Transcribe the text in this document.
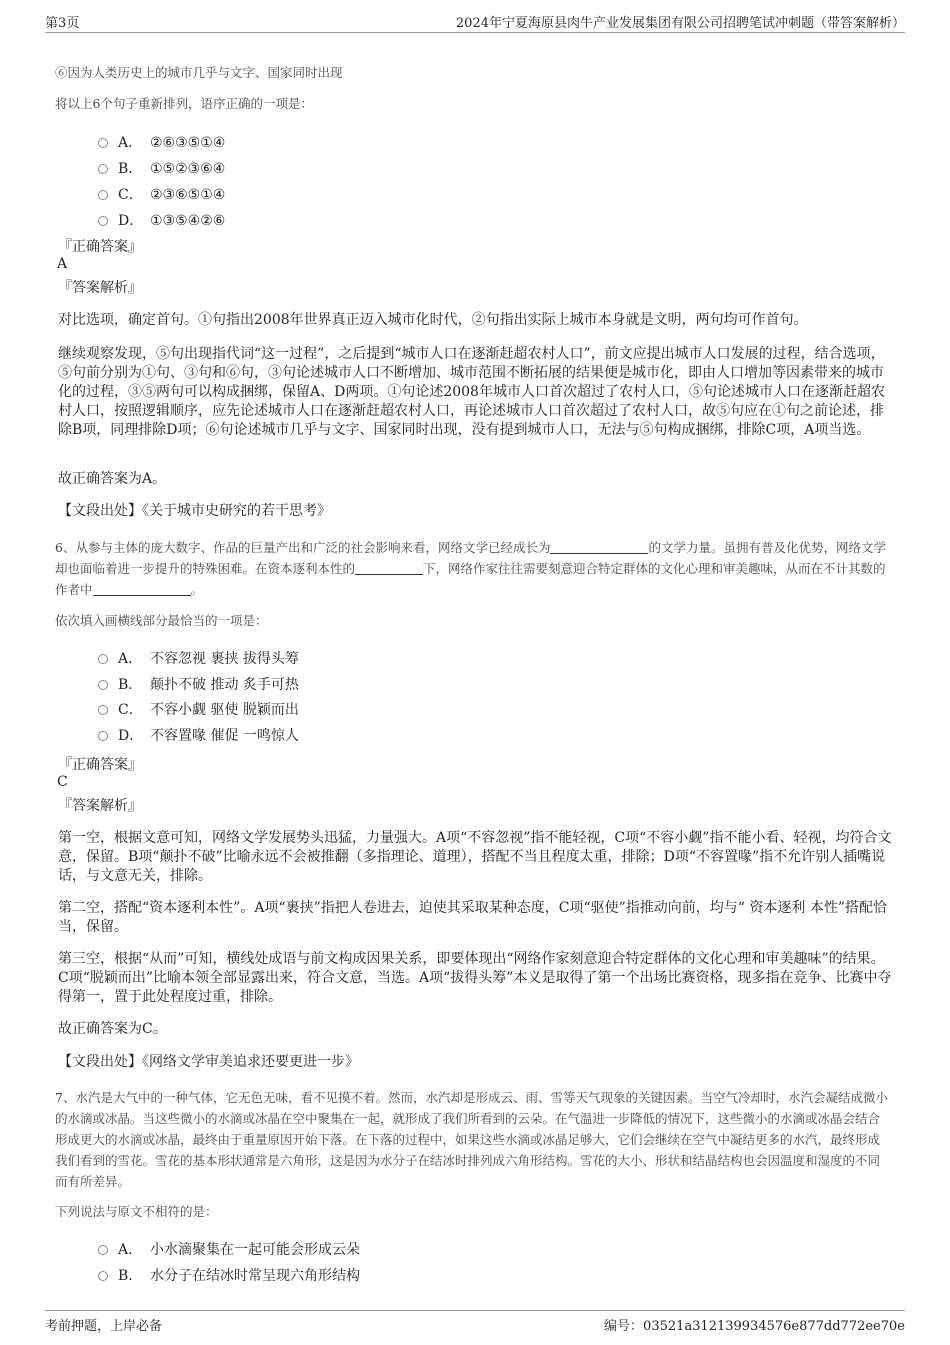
第3页	2024年宁夏海原县肉牛产业发展集团有限公司招聘笔试冲刺题（带答案解析）
⑥因为人类历史上的城市几乎与文字、国家同时出现
将以上6个句子重新排列，语序正确的一项是：
A． ②⑥③⑤①④
B． ①⑤②③⑥④
C． ②③⑥⑤①④
D． ①③⑤④②⑥
『正确答案』
A
『答案解析』
对比选项，确定首句。①句指出2008年世界真正迈入城市化时代，②句指出实际上城市本身就是文明，两句均可作首句。
继续观察发现，⑤句出现指代词“这一过程”，之后提到“城市人口在逐渐赶超农村人口”，前文应提出城市人口发展的过程，结合选项，⑤句前分别为①句、③句和⑥句，③句论述城市人口不断增加、城市范围不断拓展的结果便是城市化，即由人口增加等因素带来的城市化的过程，③⑤两句可以构成捆绑，保留A、D两项。①句论述2008年城市人口首次超过了农村人口，⑤句论述城市人口在逐渐赶超农村人口，按照逻辑顺序，应先论述城市人口在逐渐赶超农村人口，再论述城市人口首次超过了农村人口，故⑤句应在①句之前论述，排除B项，同理排除D项；⑥句论述城市几乎与文字、国家同时出现，没有提到城市人口，无法与⑤句构成捆绑，排除C项，A项当选。
故正确答案为A。
【文段出处】《关于城市史研究的若干思考》
6、从参与主体的庞大数字、作品的巨量产出和广泛的社会影响来看，网络文学已经成长为	的文学力量。虽拥有普及化优势，网络文学却也面临着进一步提升的特殊困难。在资本逐利本性的	下，网络作家往往需要刻意迎合特定群体的文化心理和审美趣味，从而在不计其数的作者中	。
依次填入画横线部分最恰当的一项是：
A． 不容忽视 裹挟 拔得头筹
B． 颠扑不破 推动 炙手可热
C． 不容小觑 驱使 脱颖而出
D． 不容置喙 催促 一鸣惊人
『正确答案』
C
『答案解析』
第一空，根据文意可知，网络文学发展势头迅猛，力量强大。A项“不容忽视”指不能轻视，C项“不容小觑”指不能小看、轻视，均符合文意，保留。B项“颠扑不破”比喻永远不会被推翻（多指理论、道理），搭配不当且程度太重，排除；D项“不容置喙”指不允许别人插嘴说话，与文意无关，排除。
第二空，搭配“资本逐利本性”。A项“裹挟”指把人卷进去，迫使其采取某种态度，C项“驱使”指推动向前，均与“ 资本逐利 本性”搭配恰当，保留。
第三空，根据“从而”可知，横线处成语与前文构成因果关系，即要体现出“网络作家刻意迎合特定群体的文化心理和审美趣味”的结果。C项“脱颖而出”比喻本领全部显露出来，符合文意，当选。A项“拔得头筹”本义是取得了第一个出场比赛资格，现多指在竞争、比赛中夺得第一，置于此处程度过重，排除。
故正确答案为C。
【文段出处】《网络文学审美追求还要更进一步》
7、水汽是大气中的一种气体，它无色无味，看不见摸不着。然而，水汽却是形成云、雨、雪等天气现象的关键因素。当空气冷却时，水汽会凝结成微小的水滴或冰晶。当这些微小的水滴或冰晶在空中聚集在一起，就形成了我们所看到的云朵。在气温进一步降低的情况下，这些微小的水滴或冰晶会结合形成更大的水滴或冰晶，最终由于重量原因开始下落。在下落的过程中，如果这些水滴或冰晶足够大，它们会继续在空气中凝结更多的水汽，最终形成我们看到的雪花。雪花的基本形状通常是六角形，这是因为水分子在结冰时排列成六角形结构。雪花的大小、形状和结晶结构也会因温度和湿度的不同而有所差异。
下列说法与原文不相符的是：
A． 小水滴聚集在一起可能会形成云朵
B． 水分子在结冰时常呈现六角形结构
考前押题，上岸必备	编号：03521a312139934576e877dd772ee70e
